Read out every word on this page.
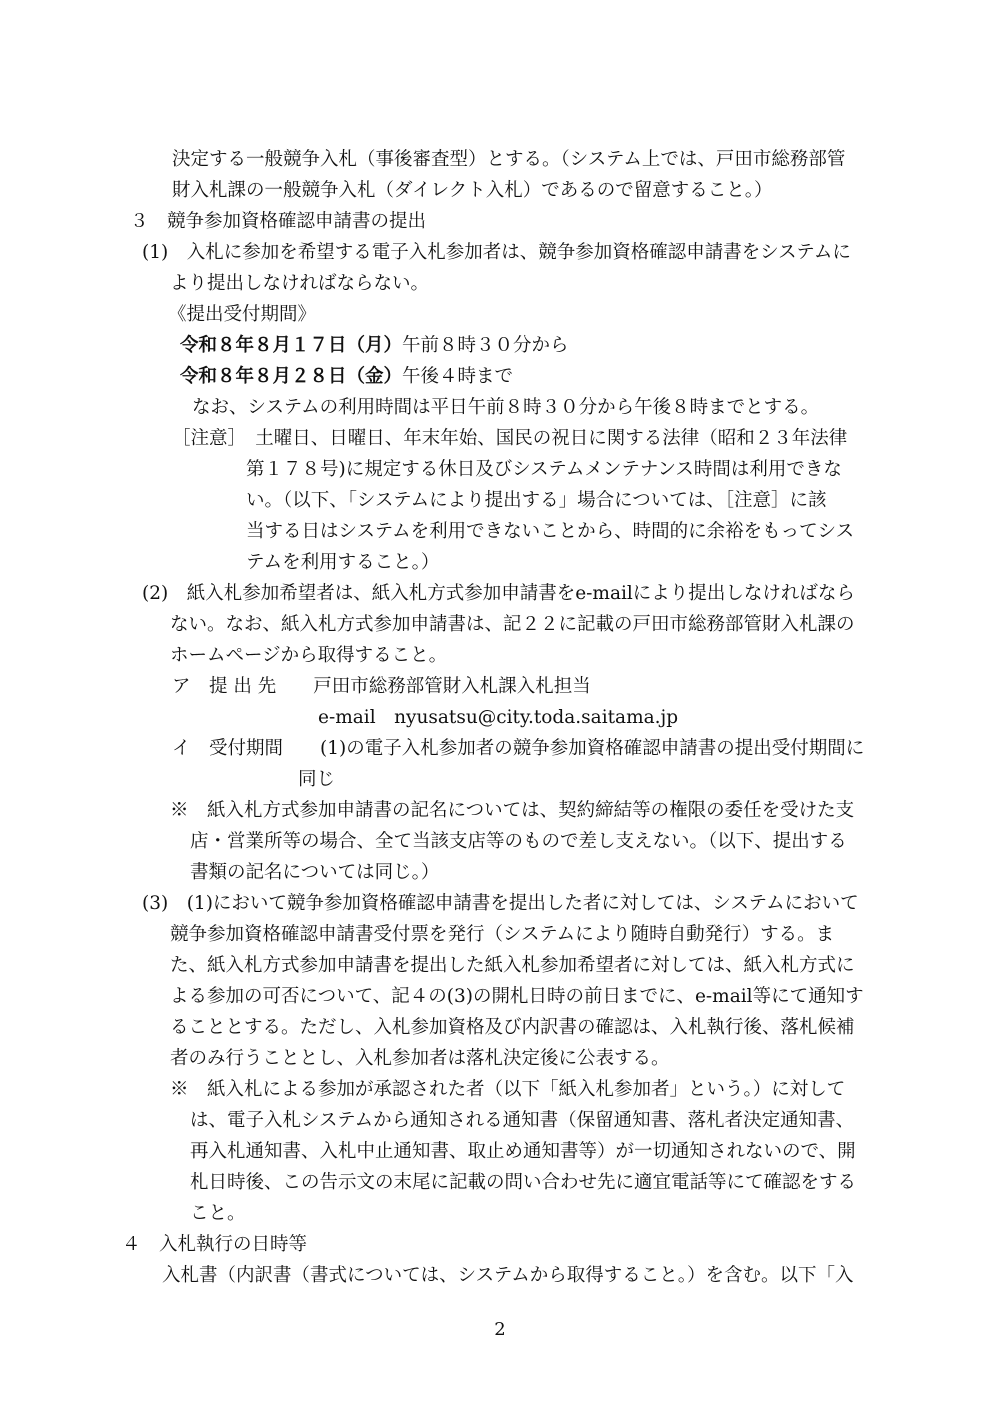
決定する一般競争入札（事後審査型）とする。（システム上では、戸田市総務部管
財入札課の一般競争入札（ダイレクト入札）であるので留意すること。）
３　競争参加資格確認申請書の提出
(1)　入札に参加を希望する電子入札参加者は、競争参加資格確認申請書をシステムに
より提出しなければならない。
《提出受付期間》
令和８年８月１７日（月）午前８時３０分から
令和８年８月２８日（金）午後４時まで
なお、システムの利用時間は平日午前８時３０分から午後８時までとする。
［注意］　土曜日、日曜日、年末年始、国民の祝日に関する法律（昭和２３年法律
第１７８号)に規定する休日及びシステムメンテナンス時間は利用できな
い。（以下、「システムにより提出する」場合については、［注意］に該
当する日はシステムを利用できないことから、時間的に余裕をもってシス
テムを利用すること。）
(2)　紙入札参加希望者は、紙入札方式参加申請書をe-mailにより提出しなければなら
ない。なお、紙入札方式参加申請書は、記２２に記載の戸田市総務部管財入札課の
ホームページから取得すること。
ア　提 出 先　　戸田市総務部管財入札課入札担当
e-mail　nyusatsu@city.toda.saitama.jp
イ　受付期間　　(1)の電子入札参加者の競争参加資格確認申請書の提出受付期間に
同じ
※　紙入札方式参加申請書の記名については、契約締結等の権限の委任を受けた支
店・営業所等の場合、全て当該支店等のもので差し支えない。（以下、提出する
書類の記名については同じ。）
(3)　(1)において競争参加資格確認申請書を提出した者に対しては、システムにおいて
競争参加資格確認申請書受付票を発行（システムにより随時自動発行）する。ま
た、紙入札方式参加申請書を提出した紙入札参加希望者に対しては、紙入札方式に
よる参加の可否について、記４の(3)の開札日時の前日までに、e-mail等にて通知す
ることとする。ただし、入札参加資格及び内訳書の確認は、入札執行後、落札候補
者のみ行うこととし、入札参加者は落札決定後に公表する。
※　紙入札による参加が承認された者（以下「紙入札参加者」という。）に対して
は、電子入札システムから通知される通知書（保留通知書、落札者決定通知書、
再入札通知書、入札中止通知書、取止め通知書等）が一切通知されないので、開
札日時後、この告示文の末尾に記載の問い合わせ先に適宜電話等にて確認をする
こと。
４　入札執行の日時等
入札書（内訳書（書式については、システムから取得すること。）を含む。以下「入
2
